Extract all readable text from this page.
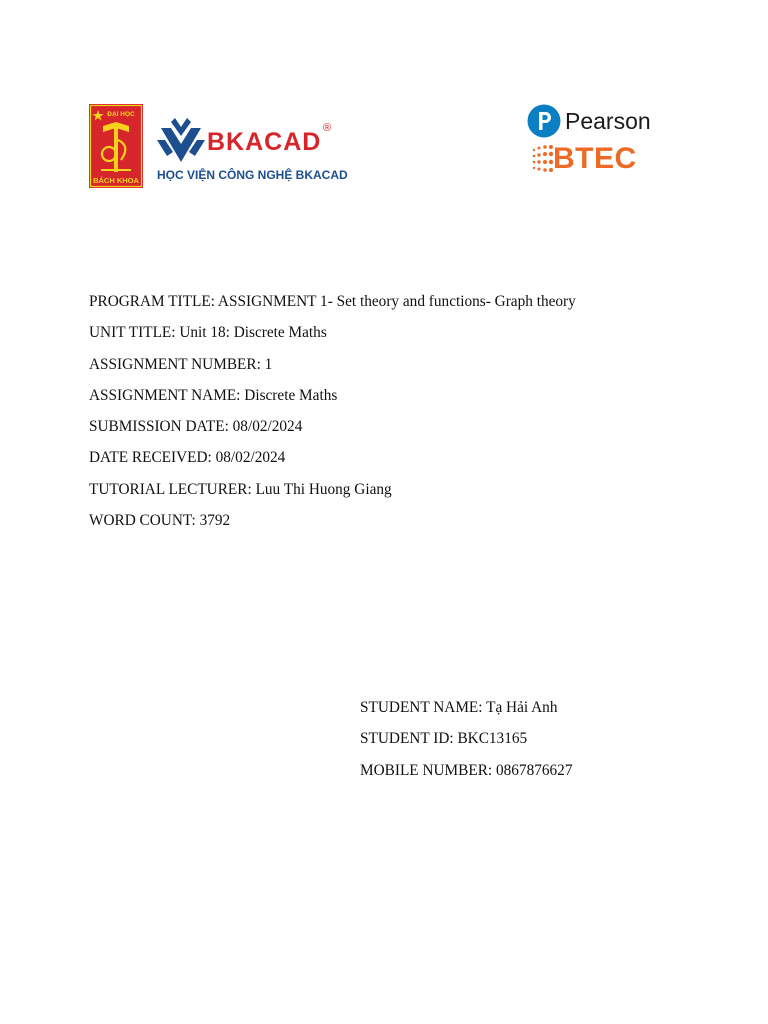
ĐẠI HỌC
BÁCH KHOA
BKACAD ®
HỌC VIỆN CÔNG NGHỆ BKACAD
Pearson
BTEC
PROGRAM TITLE: ASSIGNMENT 1- Set theory and functions- Graph theory
UNIT TITLE: Unit 18: Discrete Maths
ASSIGNMENT NUMBER: 1
ASSIGNMENT NAME: Discrete Maths
SUBMISSION DATE: 08/02/2024
DATE RECEIVED: 08/02/2024
TUTORIAL LECTURER: Luu Thi Huong Giang
WORD COUNT: 3792
STUDENT NAME: Tạ Hải Anh
STUDENT ID: BKC13165
MOBILE NUMBER: 0867876627
